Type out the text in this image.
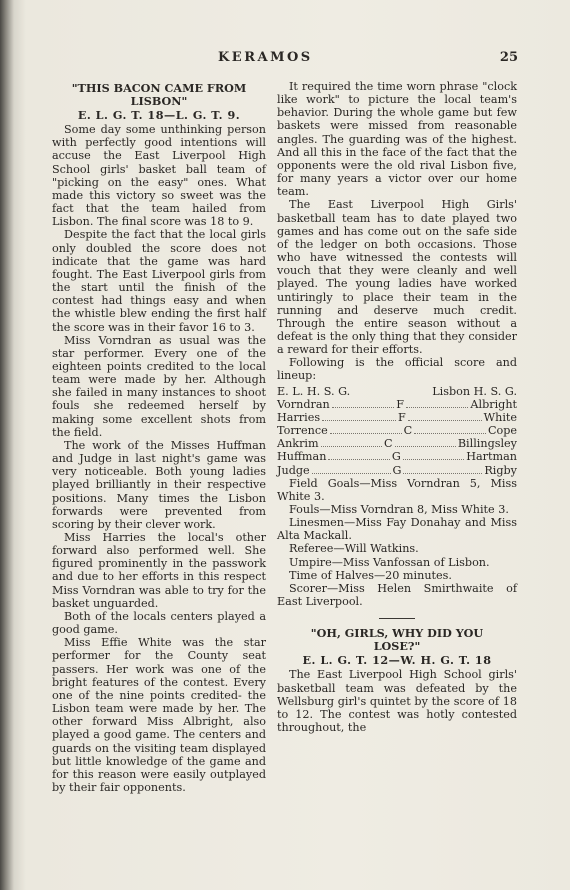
KERAMOS	25
"THIS BACON CAME FROM
LISBON"
E. L. G. T. 18—L. G. T. 9.

Some day some unthinking person with perfectly good intentions will accuse the East Liverpool High School girls' basket ball team of "picking on the easy" ones. What made this victory so sweet was the fact that the team hailed from Lisbon. The final score was 18 to 9.

Despite the fact that the local girls only doubled the score does not indicate that the game was hard fought. The East Liverpool girls from the start until the finish of the contest had things easy and when the whistle blew ending the first half the score was in their favor 16 to 3.

Miss Vorndran as usual was the star performer. Every one of the eighteen points credited to the local team were made by her. Although she failed in many instances to shoot fouls she redeemed herself by making some excellent shots from the field.

The work of the Misses Huffman and Judge in last night's game was very noticeable. Both young ladies played brilliantly in their respective positions. Many times the Lisbon forwards were prevented from scoring by their clever work.

Miss Harries the local's other forward also performed well. She figured prominently in the passwork and due to her efforts in this respect Miss Vorndran was able to try for the basket unguarded.

Both of the locals centers played a good game.

Miss Effie White was the star performer for the County seat passers. Her work was one of the bright features of the contest. Every one of the nine points credited- the Lisbon team were made by her. The other forward Miss Albright, also played a good game. The centers and guards on the visiting team displayed but little knowledge of the game and for this reason were easily outplayed by their fair opponents.

It required the time worn phrase "clock like work" to picture the local team's behavior. During the whole game but few baskets were missed from reasonable angles. The guarding was of the highest. And all this in the face of the fact that the opponents were the old rival Lisbon five, for many years a victor over our home team.

The East Liverpool High Girls' basketball team has to date played two games and has come out on the safe side of the ledger on both occasions. Those who have witnessed the contests will vouch that they were cleanly and well played. The young ladies have worked untiringly to place their team in the running and deserve much credit. Through the entire season without a defeat is the only thing that they consider a reward for their efforts.

Following is the official score and lineup:

E. L. H. S. G.	Lisbon H. S. G.
Vorndran	F	Albright
Harries	F	White
Torrence	C	Cope
Ankrim	C	Billingsley
Huffman	G	Hartman
Judge	G	Rigby

Field Goals—Miss Vorndran 5, Miss White 3.

Fouls—Miss Vorndran 8, Miss White 3.

Linesmen—Miss Fay Donahay and Miss Alta Mackall.

Referee—Will Watkins.

Umpire—Miss Vanfossan of Lisbon.

Time of Halves—20 minutes.

Scorer—Miss Helen Smirthwaite of East Liverpool.

"OH, GIRLS, WHY DID YOU
LOSE?"
E. L. G. T. 12—W. H. G. T. 18

The East Liverpool High School girls' basketball team was defeated by the Wellsburg girl's quintet by the score of 18 to 12. The contest was hotly contested throughout, the
